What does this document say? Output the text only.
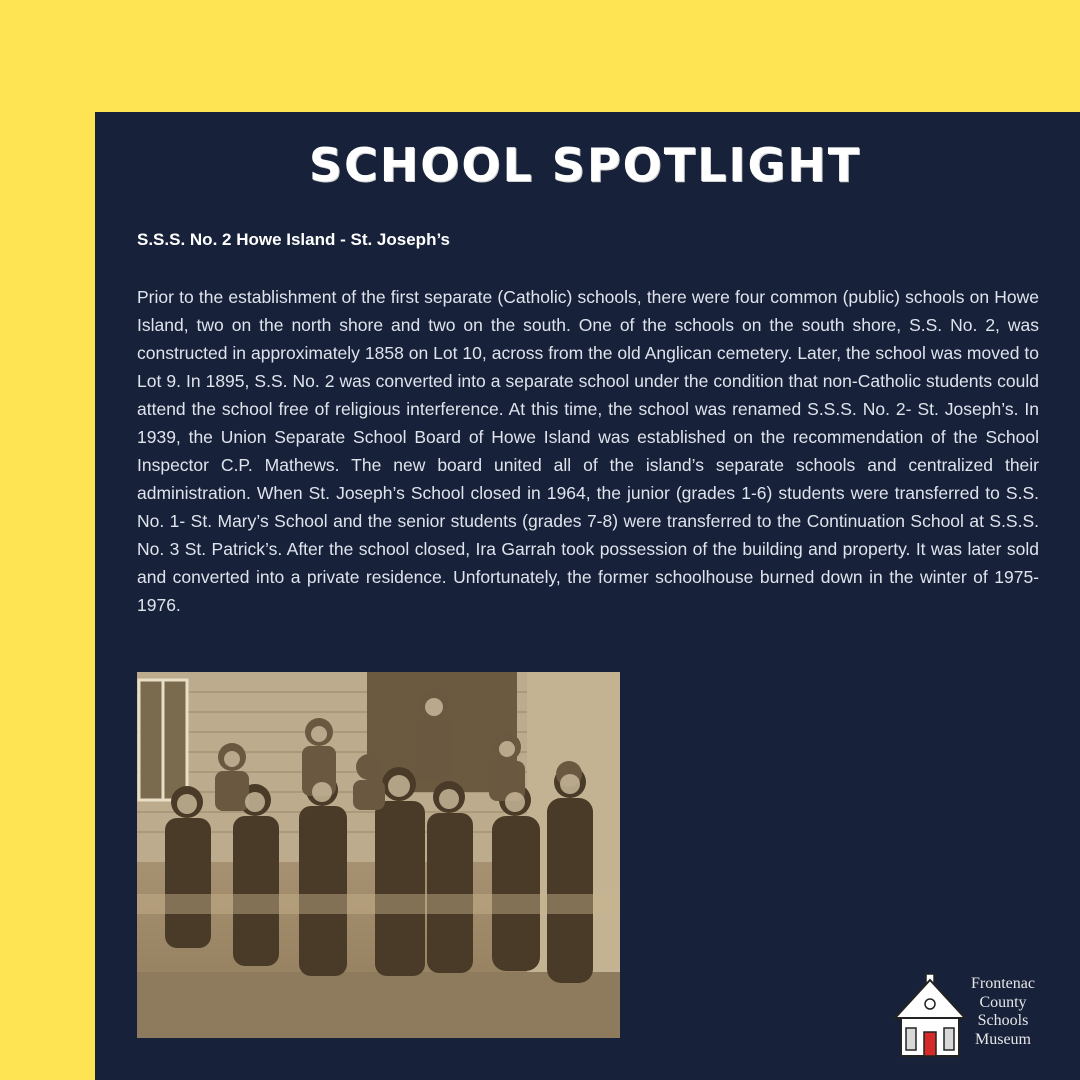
SCHOOL SPOTLIGHT
S.S.S. No. 2 Howe Island - St. Joseph’s

Prior to the establishment of the first separate (Catholic) schools, there were four common (public) schools on Howe Island, two on the north shore and two on the south. One of the schools on the south shore, S.S. No. 2, was constructed in approximately 1858 on Lot 10, across from the old Anglican cemetery. Later, the school was moved to Lot 9. In 1895, S.S. No. 2 was converted into a separate school under the condition that non-Catholic students could attend the school free of religious interference. At this time, the school was renamed S.S.S. No. 2- St. Joseph’s. In 1939, the Union Separate School Board of Howe Island was established on the recommendation of the School Inspector C.P. Mathews. The new board united all of the island’s separate schools and centralized their administration. When St. Joseph’s School closed in 1964, the junior (grades 1-6) students were transferred to S.S. No. 1- St. Mary’s School and the senior students (grades 7-8) were transferred to the Continuation School at S.S.S. No. 3 St. Patrick’s. After the school closed, Ira Garrah took possession of the building and property. It was later sold and converted into a private residence. Unfortunately, the former schoolhouse burned down in the winter of 1975-1976.

Frontenac
County
Schools
Museum
